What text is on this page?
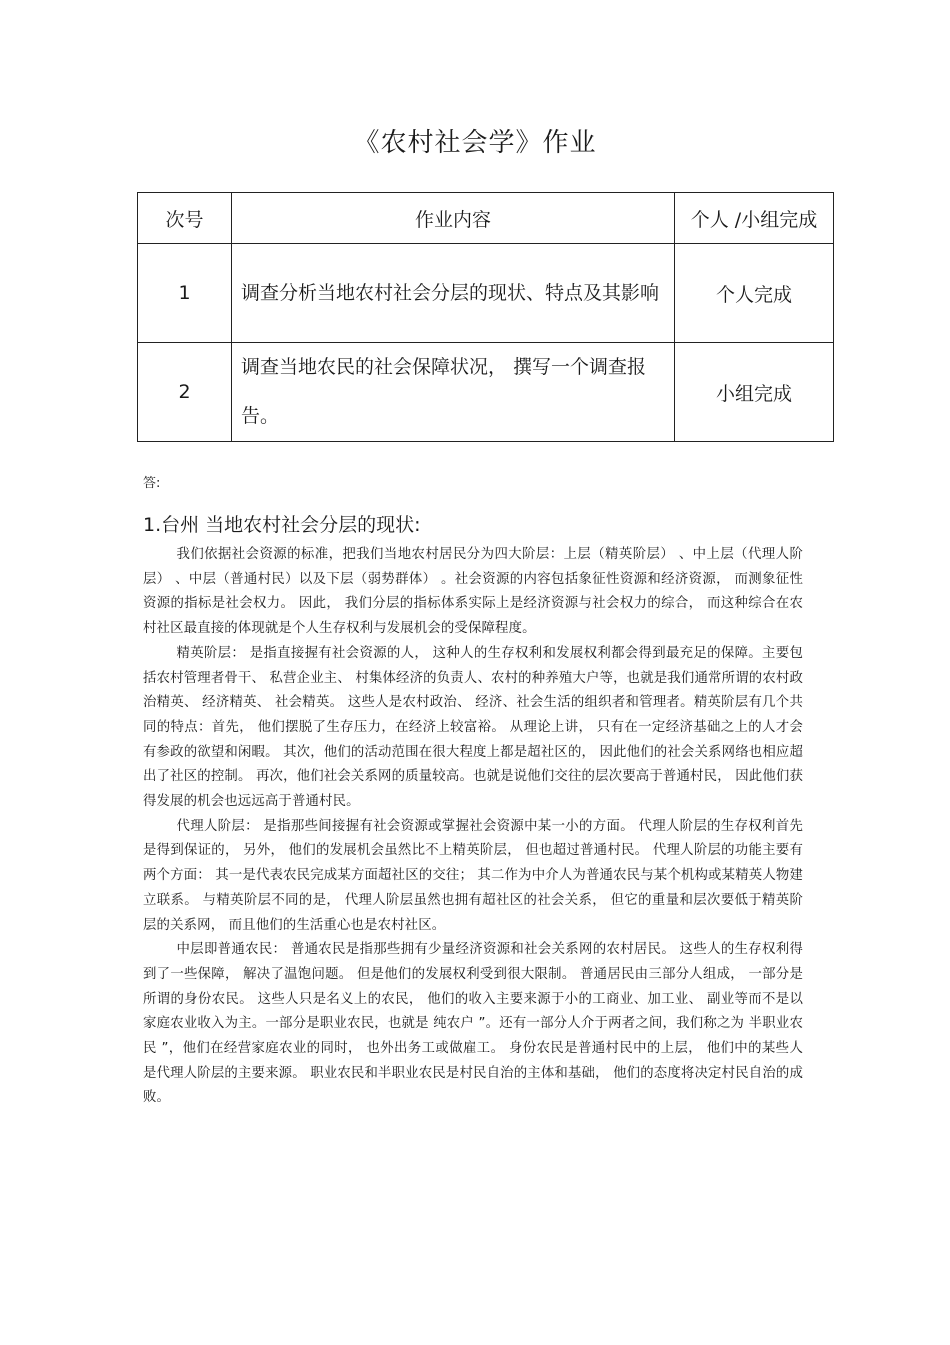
《农村社会学》作业
次号	作业内容	个人 /小组完成
1	调查分析当地农村社会分层的现状、特点及其影响	个人完成
2	调查当地农民的社会保障状况， 撰写一个调查报告。	小组完成
答:
1.台州 当地农村社会分层的现状:

我们依据社会资源的标准，把我们当地农村居民分为四大阶层：上层（精英阶层） 、中上层（代理人阶层） 、中层（普通村民）以及下层（弱势群体） 。社会资源的内容包括象征性资源和经济资源， 而测象征性资源的指标是社会权力。 因此， 我们分层的指标体系实际上是经济资源与社会权力的综合， 而这种综合在农村社区最直接的体现就是个人生存权利与发展机会的受保障程度。

精英阶层： 是指直接握有社会资源的人， 这种人的生存权利和发展权利都会得到最充足的保障。主要包括农村管理者骨干、 私营企业主、 村集体经济的负责人、农村的种养殖大户等，也就是我们通常所谓的农村政治精英、 经济精英、 社会精英。 这些人是农村政治、 经济、社会生活的组织者和管理者。精英阶层有几个共同的特点：首先， 他们摆脱了生存压力，在经济上较富裕。 从理论上讲， 只有在一定经济基础之上的人才会有参政的欲望和闲暇。 其次，他们的活动范围在很大程度上都是超社区的， 因此他们的社会关系网络也相应超出了社区的控制。 再次，他们社会关系网的质量较高。也就是说他们交往的层次要高于普通村民， 因此他们获得发展的机会也远远高于普通村民。

代理人阶层： 是指那些间接握有社会资源或掌握社会资源中某一小的方面。 代理人阶层的生存权利首先是得到保证的， 另外， 他们的发展机会虽然比不上精英阶层， 但也超过普通村民。 代理人阶层的功能主要有两个方面： 其一是代表农民完成某方面超社区的交往； 其二作为中介人为普通农民与某个机构或某精英人物建立联系。 与精英阶层不同的是， 代理人阶层虽然也拥有超社区的社会关系， 但它的重量和层次要低于精英阶层的关系网， 而且他们的生活重心也是农村社区。

中层即普通农民： 普通农民是指那些拥有少量经济资源和社会关系网的农村居民。 这些人的生存权利得到了一些保障， 解决了温饱问题。 但是他们的发展权利受到很大限制。 普通居民由三部分人组成， 一部分是所谓的身份农民。 这些人只是名义上的农民， 他们的收入主要来源于小的工商业、加工业、 副业等而不是以家庭农业收入为主。一部分是职业农民，也就是 纯农户 ”。还有一部分人介于两者之间，我们称之为 半职业农民 ”，他们在经营家庭农业的同时， 也外出务工或做雇工。 身份农民是普通村民中的上层， 他们中的某些人是代理人阶层的主要来源。 职业农民和半职业农民是村民自治的主体和基础， 他们的态度将决定村民自治的成败。
